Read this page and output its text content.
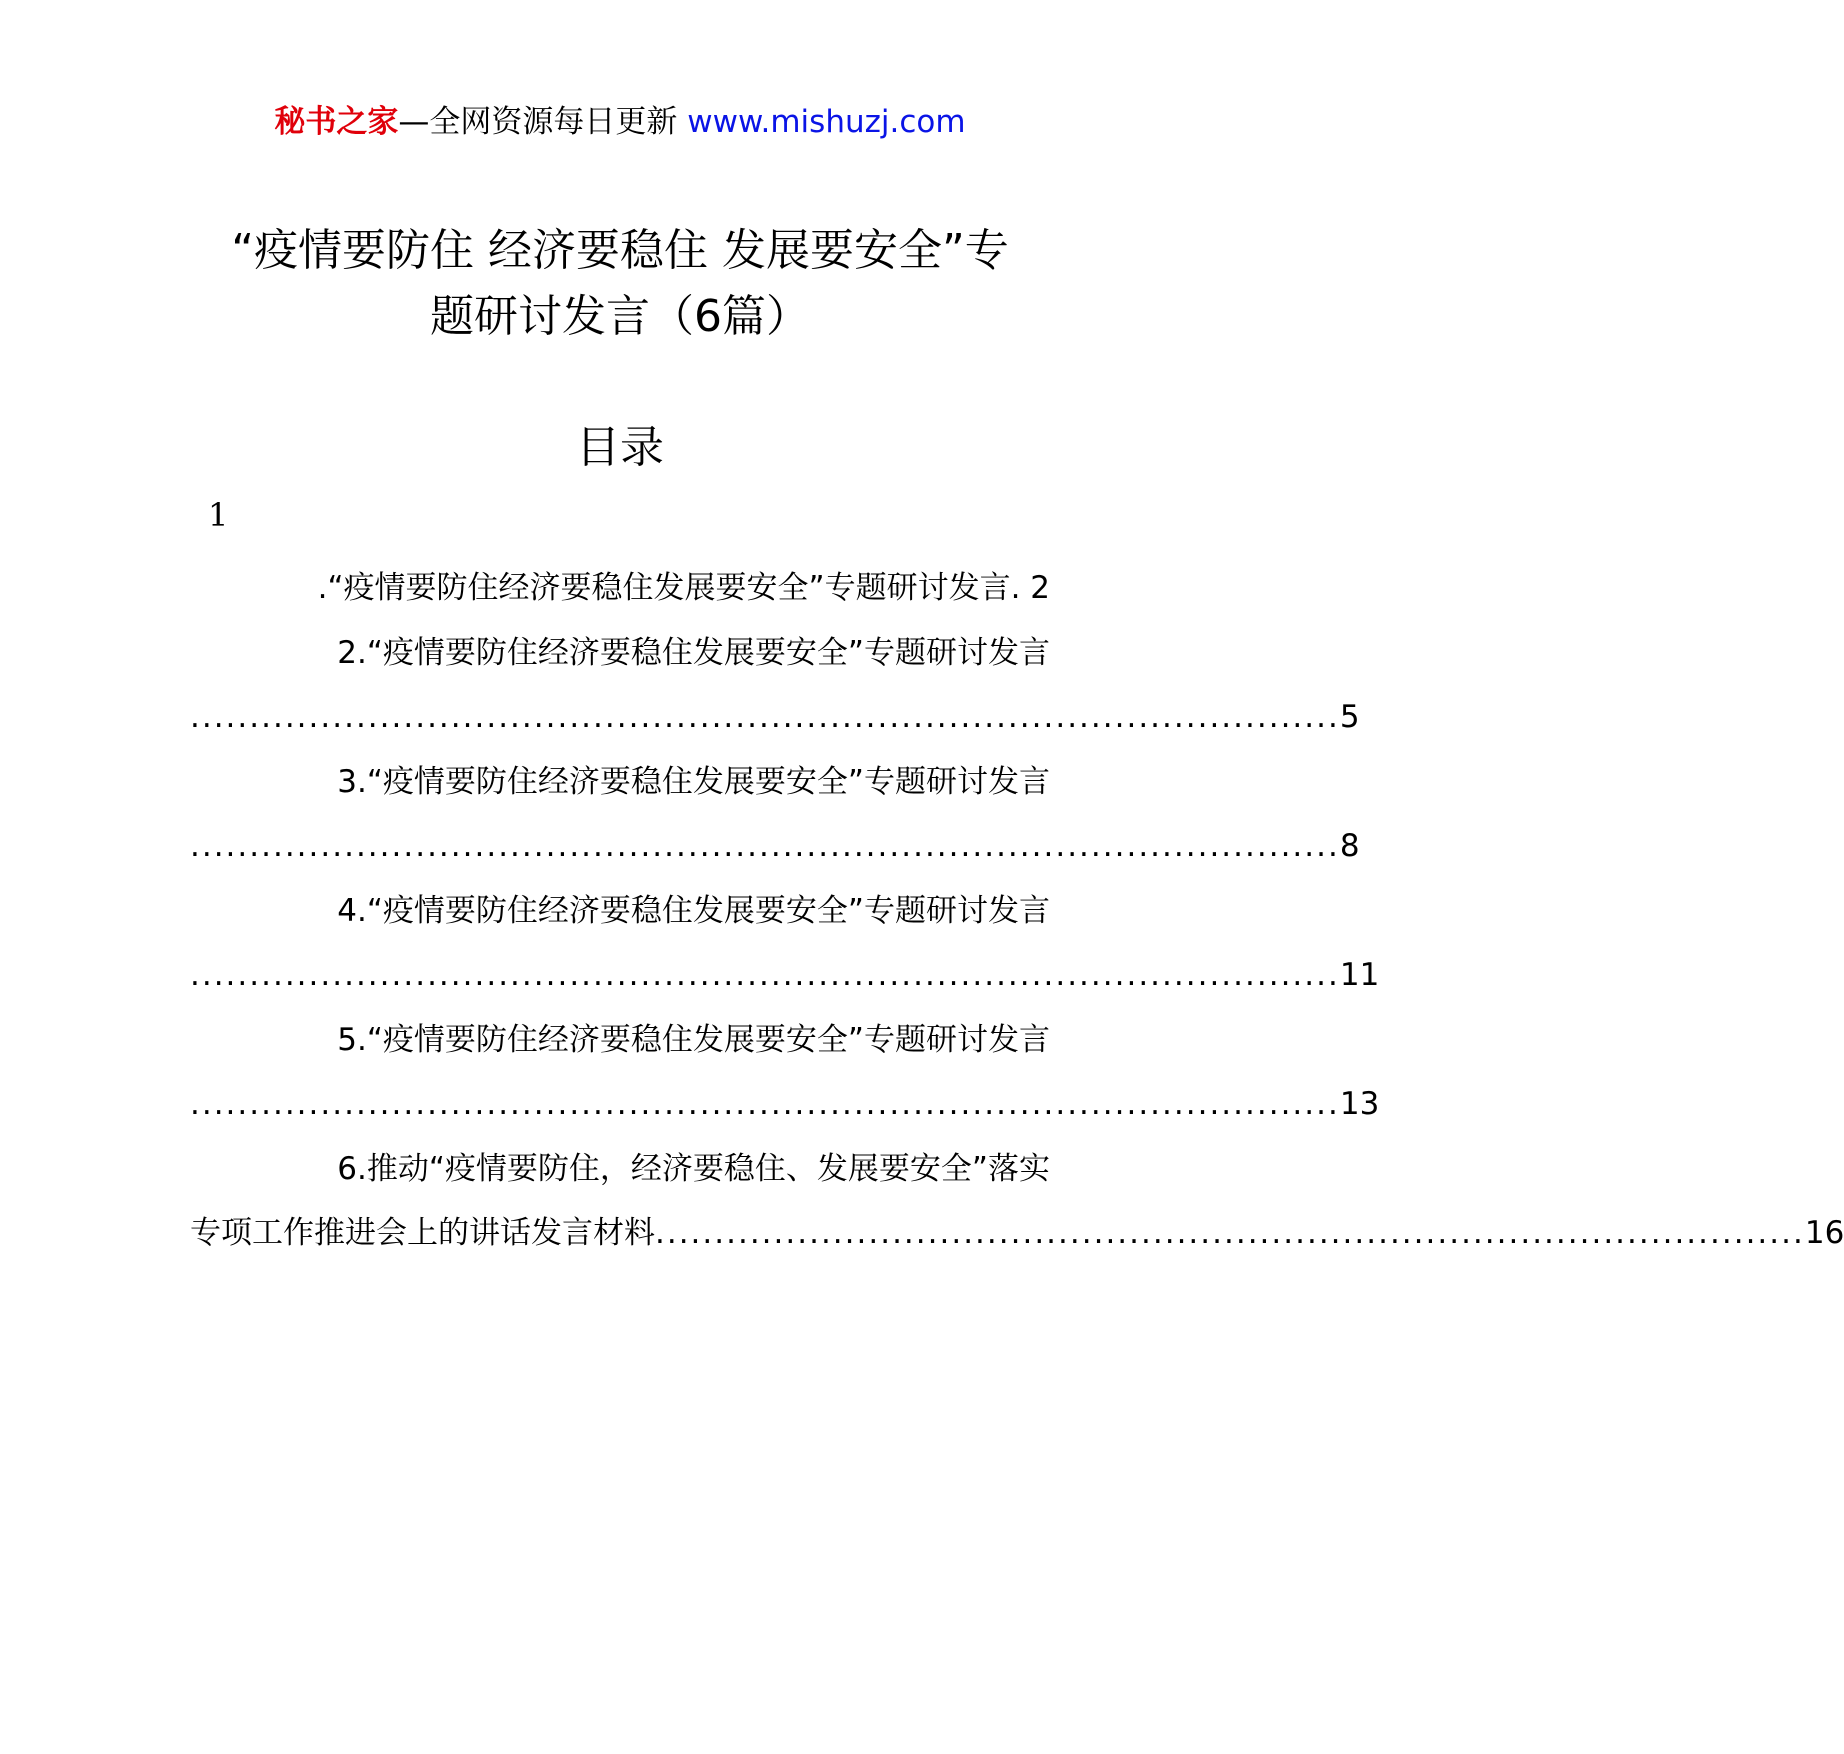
秘书之家—全网资源每日更新 www.mishuzj.com
“疫情要防住 经济要稳住 发展要安全”专
题研讨发言（6篇）
目录
1
.“疫情要防住经济要稳住发展要安全”专题研讨发言. 2
2.“疫情要防住经济要稳住发展要安全”专题研讨发言
................................................................................................. 5
3.“疫情要防住经济要稳住发展要安全”专题研讨发言
................................................................................................. 8
4.“疫情要防住经济要稳住发展要安全”专题研讨发言
................................................................................................. 11
5.“疫情要防住经济要稳住发展要安全”专题研讨发言
................................................................................................. 13
6.推动“疫情要防住，经济要稳住、发展要安全”落实
专项工作推进会上的讲话发言材料 ................................................................................................. 16
